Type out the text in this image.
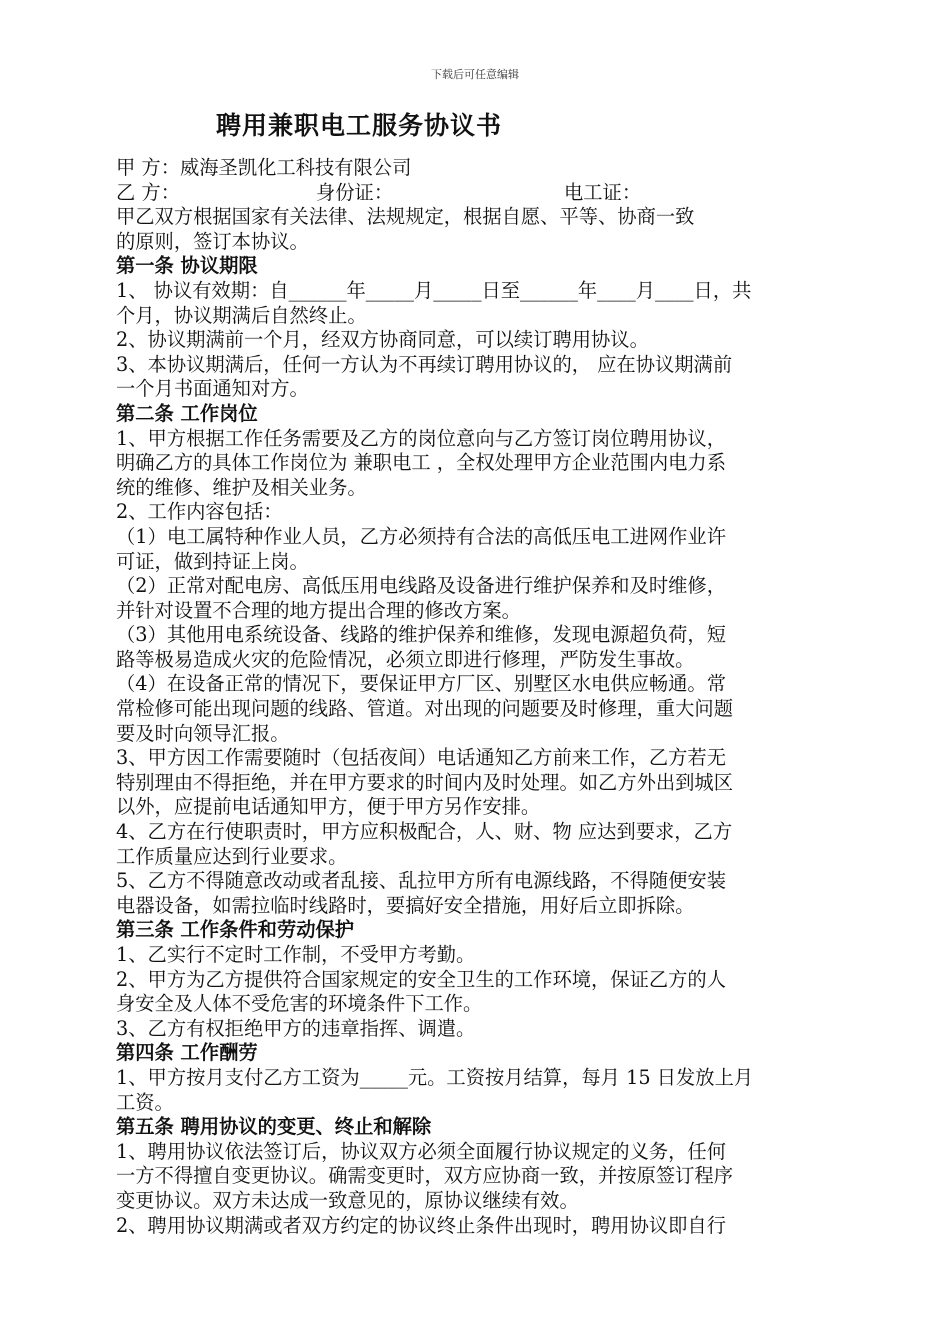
下载后可任意编辑
聘用兼职电工服务协议书
甲 方：威海圣凯化工科技有限公司
乙 方：	身份证：	电工证：
甲乙双方根据国家有关法律、法规规定，根据自愿、平等、协商一致
的原则，签订本协议。
第一条 协议期限
1、 协议有效期：自______年_____月_____日至______年____月____日，共
个月，协议期满后自然终止。
2、协议期满前一个月，经双方协商同意，可以续订聘用协议。
3、本协议期满后，任何一方认为不再续订聘用协议的， 应在协议期满前
一个月书面通知对方。
第二条 工作岗位
1、甲方根据工作任务需要及乙方的岗位意向与乙方签订岗位聘用协议，
明确乙方的具体工作岗位为 兼职电工 ，全权处理甲方企业范围内电力系
统的维修、维护及相关业务。
2、工作内容包括：
（1）电工属特种作业人员，乙方必须持有合法的高低压电工进网作业许
可证，做到持证上岗。
（2）正常对配电房、高低压用电线路及设备进行维护保养和及时维修，
并针对设置不合理的地方提出合理的修改方案。
（3）其他用电系统设备、线路的维护保养和维修，发现电源超负荷，短
路等极易造成火灾的危险情况，必须立即进行修理，严防发生事故。
（4）在设备正常的情况下，要保证甲方厂区、别墅区水电供应畅通。常
常检修可能出现问题的线路、管道。对出现的问题要及时修理，重大问题
要及时向领导汇报。
3、甲方因工作需要随时（包括夜间）电话通知乙方前来工作，乙方若无
特别理由不得拒绝，并在甲方要求的时间内及时处理。如乙方外出到城区
以外，应提前电话通知甲方，便于甲方另作安排。
4、乙方在行使职责时，甲方应积极配合，人、财、物 应达到要求，乙方
工作质量应达到行业要求。
5、乙方不得随意改动或者乱接、乱拉甲方所有电源线路，不得随便安装
电器设备，如需拉临时线路时，要搞好安全措施，用好后立即拆除。
第三条 工作条件和劳动保护
1、乙实行不定时工作制，不受甲方考勤。
2、甲方为乙方提供符合国家规定的安全卫生的工作环境，保证乙方的人
身安全及人体不受危害的环境条件下工作。
3、乙方有权拒绝甲方的违章指挥、调遣。
第四条 工作酬劳
1、甲方按月支付乙方工资为_____元。工资按月结算，每月 15 日发放上月
工资。
第五条 聘用协议的变更、终止和解除
1、聘用协议依法签订后，协议双方必须全面履行协议规定的义务，任何
一方不得擅自变更协议。确需变更时，双方应协商一致，并按原签订程序
变更协议。双方未达成一致意见的，原协议继续有效。
2、聘用协议期满或者双方约定的协议终止条件出现时，聘用协议即自行
